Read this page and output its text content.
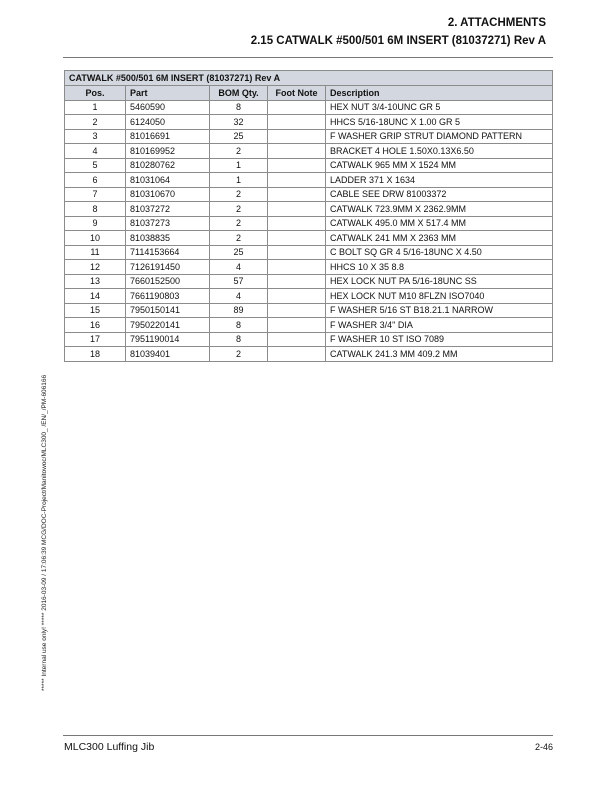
2. ATTACHMENTS
2.15 CATWALK #500/501 6M INSERT (81037271) Rev A
CATWALK #500/501 6M INSERT (81037271) Rev A				
Pos.	Part	BOM Qty.	Foot Note	Description
1	5460590	8		HEX NUT 3/4-10UNC GR 5
2	6124050	32		HHCS 5/16-18UNC X 1.00 GR 5
3	81016691	25		F WASHER GRIP STRUT DIAMOND PATTERN
4	810169952	2		BRACKET 4 HOLE 1.50X0.13X6.50
5	810280762	1		CATWALK 965 MM X 1524 MM
6	81031064	1		LADDER 371 X 1634
7	810310670	2		CABLE SEE DRW 81003372
8	81037272	2		CATWALK 723.9MM X 2362.9MM
9	81037273	2		CATWALK 495.0 MM X 517.4 MM
10	81038835	2		CATWALK 241 MM X 2363 MM
11	7114153664	25		C BOLT SQ GR 4 5/16-18UNC X 4.50
12	7126191450	4		HHCS 10 X 35 8.8
13	7660152500	57		HEX LOCK NUT PA 5/16-18UNC SS
14	7661190803	4		HEX LOCK NUT M10 8FLZN ISO7040
15	7950150141	89		F WASHER 5/16 ST B18.21.1 NARROW
16	7950220141	8		F WASHER 3/4" DIA
17	7951190014	8		F WASHER 10 ST ISO 7089
18	81039401	2		CATWALK 241.3 MM 409.2 MM
***** Internal use only! ***** 2016-03-09 / 17:06:39 MCG/DOC-Project/Manitowoc/MLC300_ /EN/_/PM-606166
MLC300 Luffing Jib	2-46
